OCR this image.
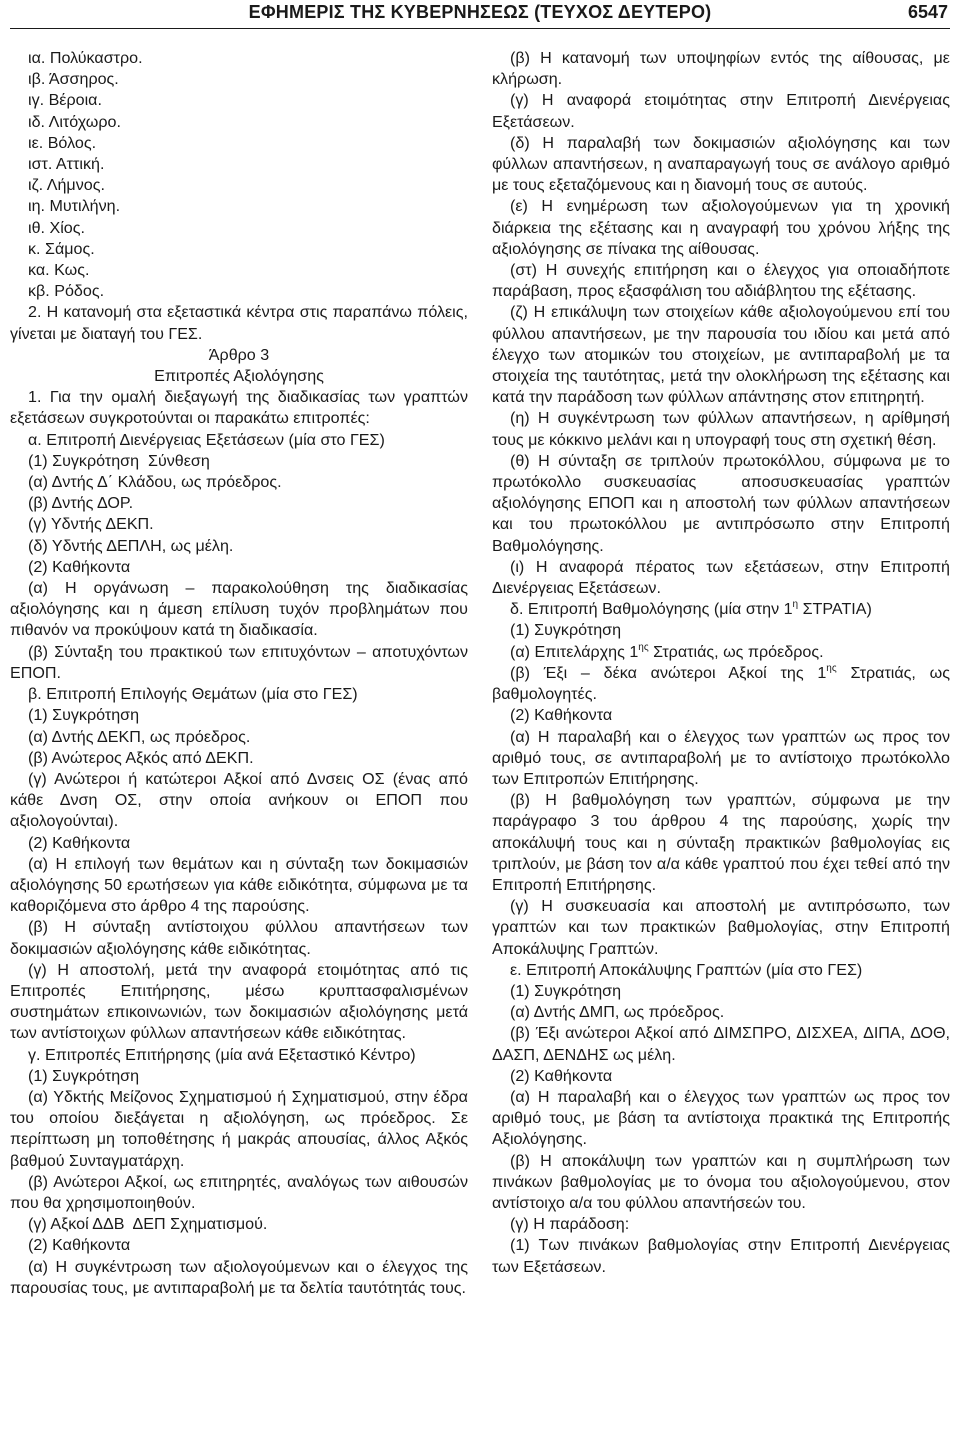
ΕΦΗΜΕΡΙΣ ΤΗΣ ΚΥΒΕΡΝΗΣΕΩΣ (ΤΕΥΧΟΣ ΔΕΥΤΕΡΟ)	6547

ια. Πολύκαστρο.

ιβ. Άσσηρος.

ιγ. Βέροια.

ιδ. Λιτόχωρο.

ιε. Βόλος.

ιστ. Αττική.

ιζ. Λήμνος.

ιη. Μυτιλήνη.

ιθ. Χίος.

κ. Σάμος.

κα. Κως.

κβ. Ρόδος.

2. Η κατανομή στα εξεταστικά κέντρα στις παραπάνω πόλεις, γίνεται με διαταγή του ΓΕΣ.

Άρθρο 3

Επιτροπές Αξιολόγησης

1. Για την ομαλή διεξαγωγή της διαδικασίας των γραπτών εξετάσεων συγκροτούνται οι παρακάτω επιτροπές:

α. Επιτροπή Διενέργειας Εξετάσεων (μία στο ΓΕΣ)

(1) Συγκρότηση Σύνθεση

(α) Δντής Δ΄ Κλάδου, ως πρόεδρος.

(β) Δντής ΔΟΡ.

(γ) Υδντής ΔΕΚΠ.

(δ) Υδντής ΔΕΠΛΗ, ως μέλη.

(2) Καθήκοντα

(α) Η οργάνωση – παρακολούθηση της διαδικασίας αξιολόγησης και η άμεση επίλυση τυχόν προβλημάτων που πιθανόν να προκύψουν κατά τη διαδικασία.

(β) Σύνταξη του πρακτικού των επιτυχόντων – αποτυχόντων ΕΠΟΠ.

β. Επιτροπή Επιλογής Θεμάτων (μία στο ΓΕΣ)

(1) Συγκρότηση

(α) Δντής ΔΕΚΠ, ως πρόεδρος.

(β) Ανώτερος Αξκός από ΔΕΚΠ.

(γ) Ανώτεροι ή κατώτεροι Αξκοί από Δνσεις ΟΣ (ένας από κάθε Δνση ΟΣ, στην οποία ανήκουν οι ΕΠΟΠ που αξιολογούνται).

(2) Καθήκοντα

(α) Η επιλογή των θεμάτων και η σύνταξη των δοκιμασιών αξιολόγησης 50 ερωτήσεων για κάθε ειδικότητα, σύμφωνα με τα καθοριζόμενα στο άρθρο 4 της παρούσης.

(β) Η σύνταξη αντίστοιχου φύλλου απαντήσεων των δοκιμασιών αξιολόγησης κάθε ειδικότητας.

(γ) Η αποστολή, μετά την αναφορά ετοιμότητας από τις Επιτροπές Επιτήρησης, μέσω κρυπτασφαλισμένων συστημάτων επικοινωνιών, των δοκιμασιών αξιολόγησης μετά των αντίστοιχων φύλλων απαντήσεων κάθε ειδικότητας.

γ. Επιτροπές Επιτήρησης (μία ανά Εξεταστικό Κέντρο)

(1) Συγκρότηση

(α) Υδκτής Μείζονος Σχηματισμού ή Σχηματισμού, στην έδρα του οποίου διεξάγεται η αξιολόγηση, ως πρόεδρος. Σε περίπτωση μη τοποθέτησης ή μακράς απουσίας, άλλος Αξκός βαθμού Συνταγματάρχη.

(β) Ανώτεροι Αξκοί, ως επιτηρητές, αναλόγως των αιθουσών που θα χρησιμοποιηθούν.

(γ) Αξκοί ΔΔΒ ΔΕΠ Σχηματισμού.

(2) Καθήκοντα

(α) Η συγκέντρωση των αξιολογούμενων και ο έλεγχος της παρουσίας τους, με αντιπαραβολή με τα δελτία ταυτότητάς τους.

(β) Η κατανομή των υποψηφίων εντός της αίθουσας, με κλήρωση.

(γ) Η αναφορά ετοιμότητας στην Επιτροπή Διενέργειας Εξετάσεων.

(δ) Η παραλαβή των δοκιμασιών αξιολόγησης και των φύλλων απαντήσεων, η αναπαραγωγή τους σε ανάλογο αριθμό με τους εξεταζόμενους και η διανομή τους σε αυτούς.

(ε) Η ενημέρωση των αξιολογούμενων για τη χρονική διάρκεια της εξέτασης και η αναγραφή του χρόνου λήξης της αξιολόγησης σε πίνακα της αίθουσας.

(στ) Η συνεχής επιτήρηση και ο έλεγχος για οποιαδήποτε παράβαση, προς εξασφάλιση του αδιάβλητου της εξέτασης.

(ζ) Η επικάλυψη των στοιχείων κάθε αξιολογούμενου επί του φύλλου απαντήσεων, με την παρουσία του ιδίου και μετά από έλεγχο των ατομικών του στοιχείων, με αντιπαραβολή με τα στοιχεία της ταυτότητας, μετά την ολοκλήρωση της εξέτασης και κατά την παράδοση των φύλλων απάντησης στον επιτηρητή.

(η) Η συγκέντρωση των φύλλων απαντήσεων, η αρίθμησή τους με κόκκινο μελάνι και η υπογραφή τους στη σχετική θέση.

(θ) Η σύνταξη σε τριπλούν πρωτοκόλλου, σύμφωνα με το πρωτόκολλο συσκευασίας αποσυσκευασίας γραπτών αξιολόγησης ΕΠΟΠ και η αποστολή των φύλλων απαντήσεων και του πρωτοκόλλου με αντιπρόσωπο στην Επιτροπή Βαθμολόγησης.

(ι) Η αναφορά πέρατος των εξετάσεων, στην Επιτροπή Διενέργειας Εξετάσεων.

δ. Επιτροπή Βαθμολόγησης (μία στην $1^\eta$ ΣΤΡΑΤΙΑ)

(1) Συγκρότηση

(α) Επιτελάρχης $1^{\eta\varsigma}$ Στρατιάς, ως πρόεδρος.

(β) Έξι – δέκα ανώτεροι Αξκοί της $1^{\eta\varsigma}$ Στρατιάς, ως βαθμολογητές.

(2) Καθήκοντα

(α) Η παραλαβή και ο έλεγχος των γραπτών ως προς τον αριθμό τους, σε αντιπαραβολή με το αντίστοιχο πρωτόκολλο των Επιτροπών Επιτήρησης.

(β) Η βαθμολόγηση των γραπτών, σύμφωνα με την παράγραφο 3 του άρθρου 4 της παρούσης, χωρίς την αποκάλυψή τους και η σύνταξη πρακτικών βαθμολογίας εις τριπλούν, με βάση τον α/α κάθε γραπτού που έχει τεθεί από την Επιτροπή Επιτήρησης.

(γ) Η συσκευασία και αποστολή με αντιπρόσωπο, των γραπτών και των πρακτικών βαθμολογίας, στην Επιτροπή Αποκάλυψης Γραπτών.

ε. Επιτροπή Αποκάλυψης Γραπτών (μία στο ΓΕΣ)

(1) Συγκρότηση

(α) Δντής ΔΜΠ, ως πρόεδρος.

(β) Έξι ανώτεροι Αξκοί από ΔΙΜΣΠΡΟ, ΔΙΣΧΕΑ, ΔΙΠΑ, ΔΟΘ, ΔΑΣΠ, ΔΕΝΔΗΣ ως μέλη.

(2) Καθήκοντα

(α) Η παραλαβή και ο έλεγχος των γραπτών ως προς τον αριθμό τους, με βάση τα αντίστοιχα πρακτικά της Επιτροπής Αξιολόγησης.

(β) Η αποκάλυψη των γραπτών και η συμπλήρωση των πινάκων βαθμολογίας με το όνομα του αξιολογούμενου, στον αντίστοιχο α/α του φύλλου απαντήσεών του.

(γ) Η παράδοση:

(1) Των πινάκων βαθμολογίας στην Επιτροπή Διενέργειας των Εξετάσεων.
